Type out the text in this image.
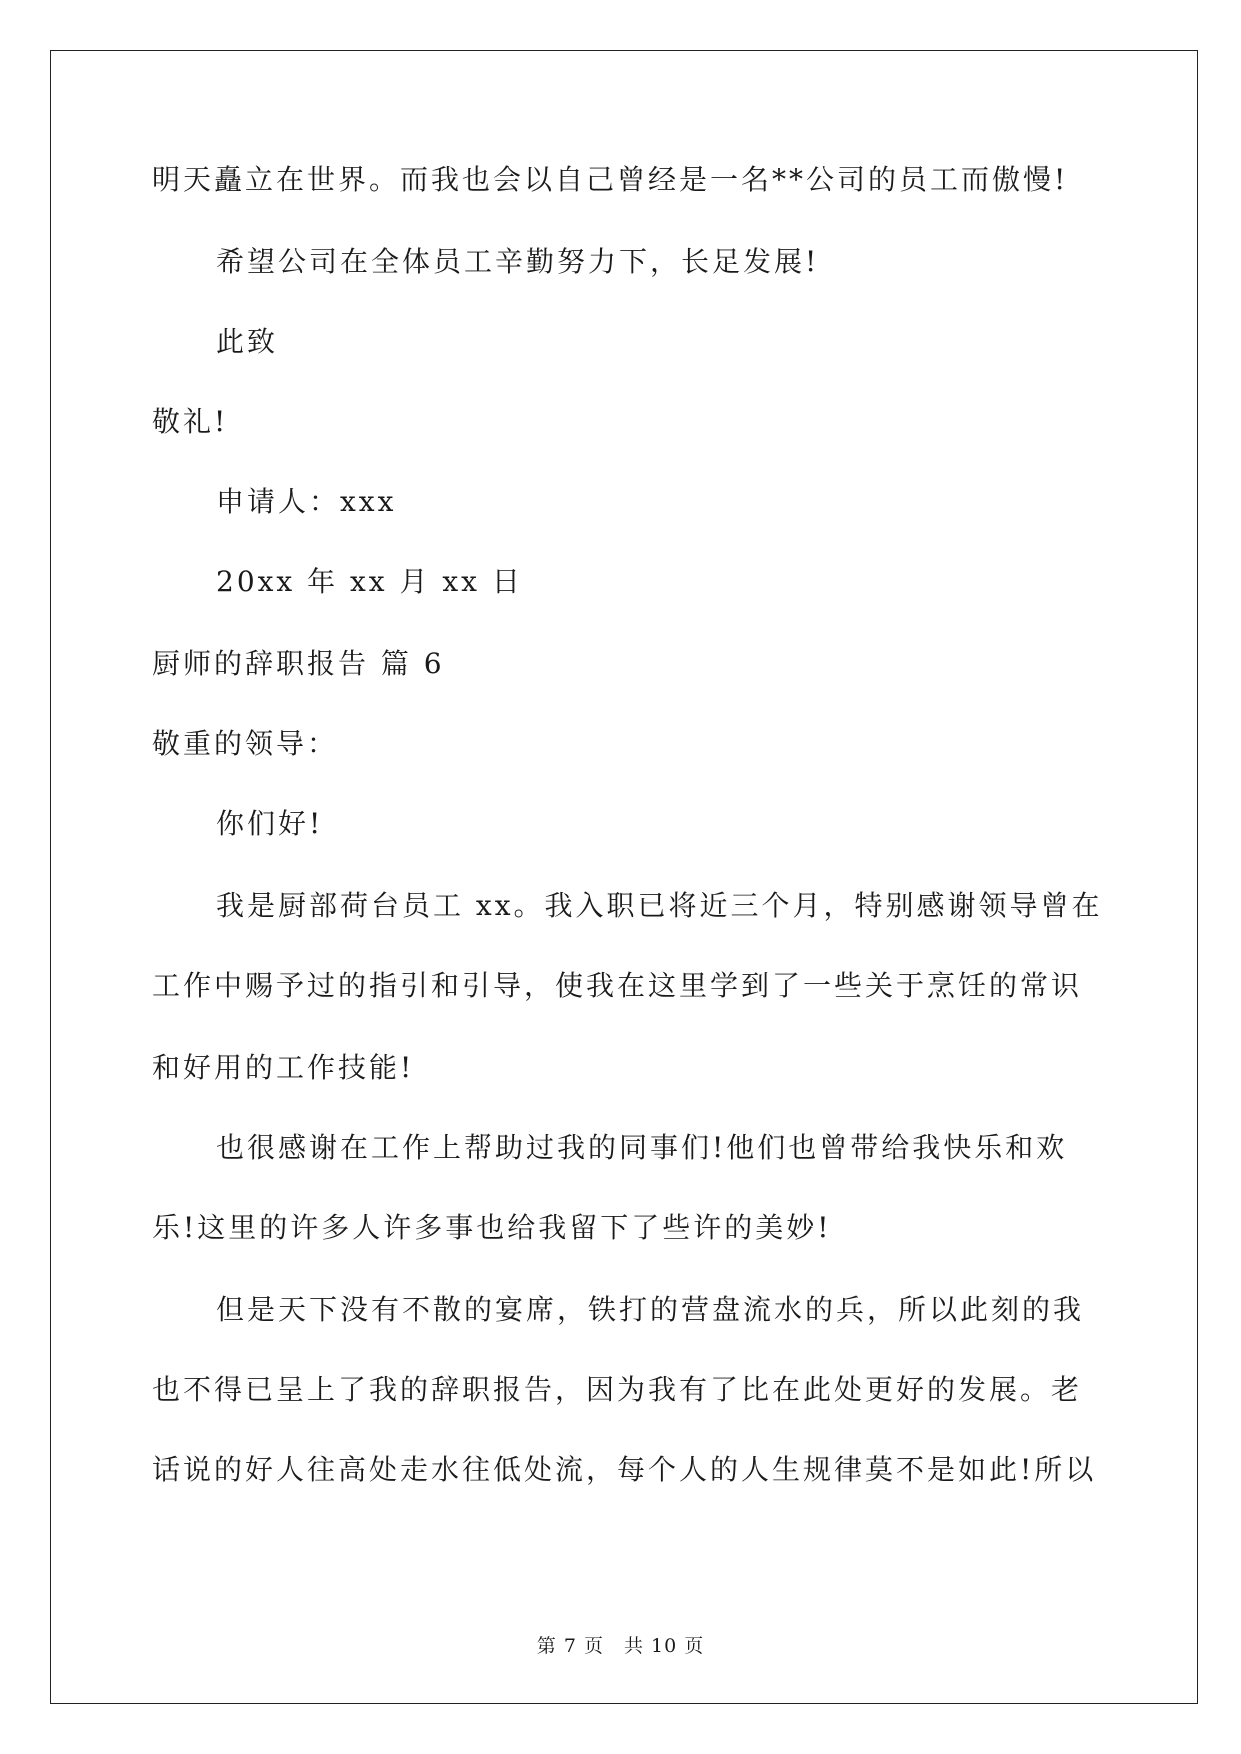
明天矗立在世界。而我也会以自己曾经是一名**公司的员工而傲慢!
希望公司在全体员工辛勤努力下，长足发展!
此致
敬礼!
申请人：xxx
20xx 年 xx 月 xx 日
厨师的辞职报告 篇 6
敬重的领导：
你们好!
我是厨部荷台员工 xx。我入职已将近三个月，特别感谢领导曾在
工作中赐予过的指引和引导，使我在这里学到了一些关于烹饪的常识
和好用的工作技能!
也很感谢在工作上帮助过我的同事们!他们也曾带给我快乐和欢
乐!这里的许多人许多事也给我留下了些许的美妙!
但是天下没有不散的宴席，铁打的营盘流水的兵，所以此刻的我
也不得已呈上了我的辞职报告，因为我有了比在此处更好的发展。老
话说的好人往高处走水往低处流，每个人的人生规律莫不是如此!所以
第 7 页 共 10 页
